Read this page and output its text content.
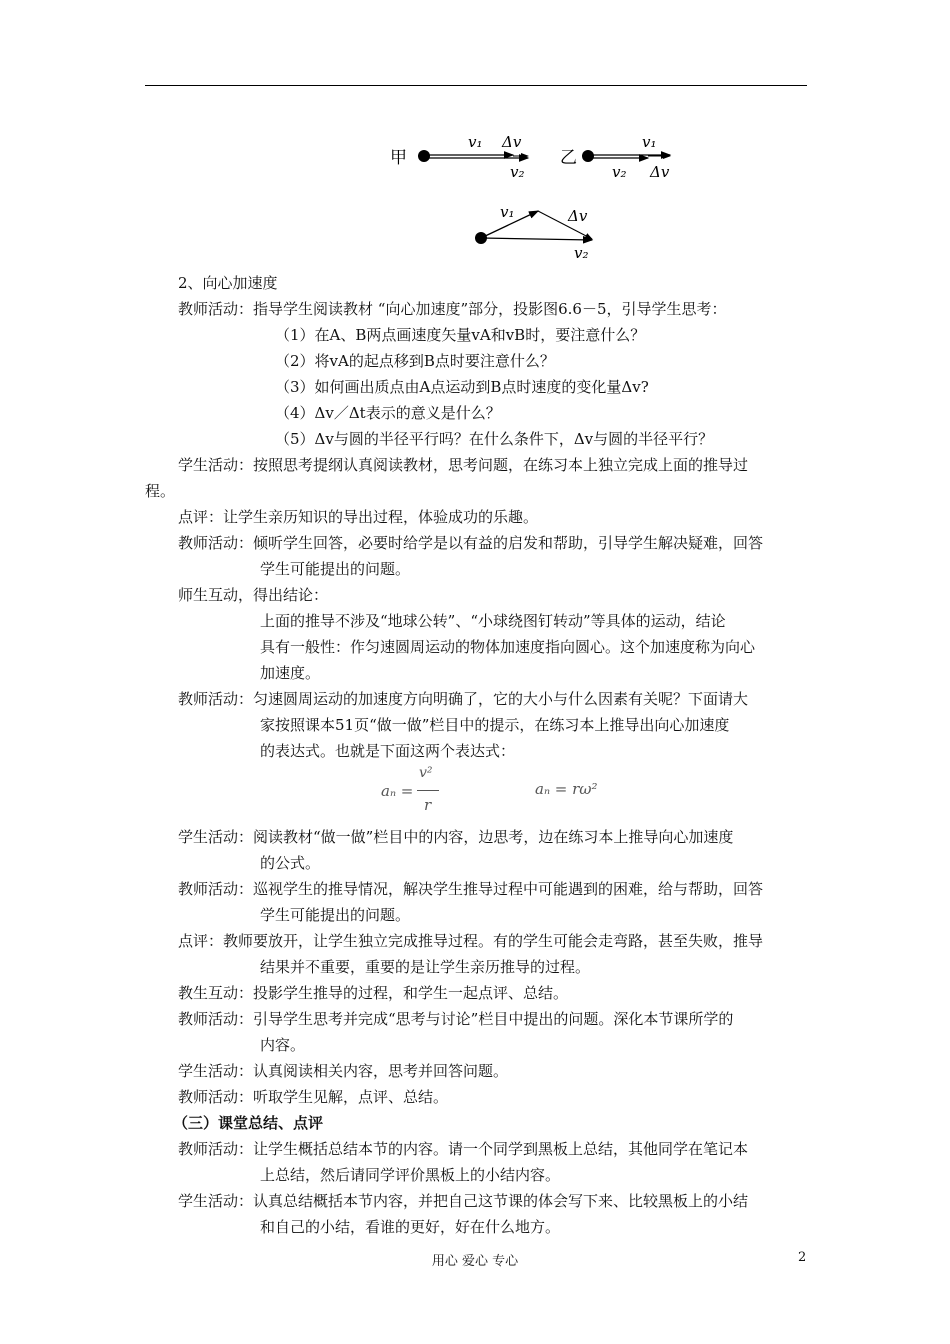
甲
v₁ Δv
v₂
乙
v₁
v₂ Δv
v₁	Δv
v₂

2、向心加速度

教师活动：指导学生阅读教材 “向心加速度”部分，投影图6.6－5，引导学生思考：

（1）在A、B两点画速度矢量vA和vB时，要注意什么？

（2）将vA的起点移到B点时要注意什么？

（3）如何画出质点由A点运动到B点时速度的变化量Δv?

（4）Δv／Δt表示的意义是什么？

（5）Δv与圆的半径平行吗？在什么条件下，Δv与圆的半径平行？

学生活动：按照思考提纲认真阅读教材，思考问题，在练习本上独立完成上面的推导过

程。

点评：让学生亲历知识的导出过程，体验成功的乐趣。

教师活动：倾听学生回答，必要时给学是以有益的启发和帮助，引导学生解决疑难，回答

学生可能提出的问题。

师生互动，得出结论：

上面的推导不涉及“地球公转”、“小球绕图钉转动”等具体的运动，结论

具有一般性：作匀速圆周运动的物体加速度指向圆心。这个加速度称为向心

加速度。

教师活动：匀速圆周运动的加速度方向明确了，它的大小与什么因素有关呢？下面请大

家按照课本51页“做一做”栏目中的提示，在练习本上推导出向心加速度

的表达式。也就是下面这两个表达式：

aₙ =
v²
r
aₙ = rω²

学生活动：阅读教材“做一做”栏目中的内容，边思考，边在练习本上推导向心加速度

的公式。

教师活动：巡视学生的推导情况，解决学生推导过程中可能遇到的困难，给与帮助，回答

学生可能提出的问题。

点评：教师要放开，让学生独立完成推导过程。有的学生可能会走弯路，甚至失败，推导

结果并不重要，重要的是让学生亲历推导的过程。

教生互动：投影学生推导的过程，和学生一起点评、总结。

教师活动：引导学生思考并完成“思考与讨论”栏目中提出的问题。深化本节课所学的

内容。

学生活动：认真阅读相关内容，思考并回答问题。

教师活动：听取学生见解，点评、总结。

（三）课堂总结、点评

教师活动：让学生概括总结本节的内容。请一个同学到黑板上总结，其他同学在笔记本

上总结，然后请同学评价黑板上的小结内容。

学生活动：认真总结概括本节内容，并把自己这节课的体会写下来、比较黑板上的小结

和自己的小结，看谁的更好，好在什么地方。

用心 爱心 专心	2
